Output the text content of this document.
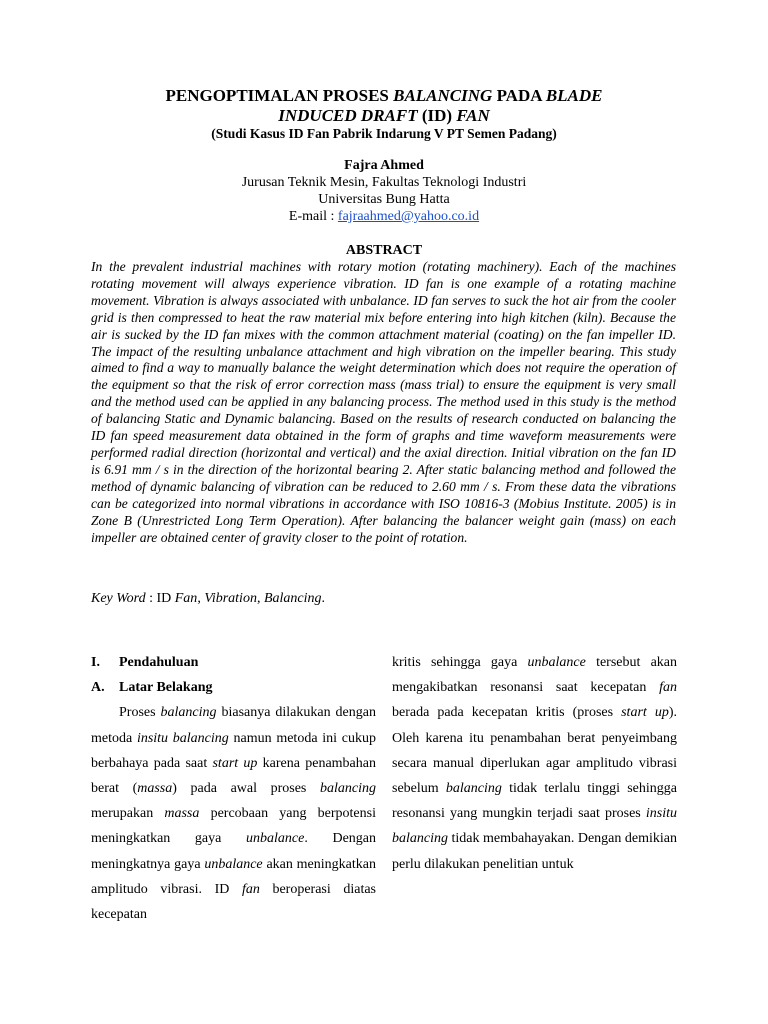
PENGOPTIMALAN PROSES BALANCING PADA BLADE
INDUCED DRAFT (ID) FAN
(Studi Kasus ID Fan Pabrik Indarung V PT Semen Padang)
Fajra Ahmed
Jurusan Teknik Mesin, Fakultas Teknologi Industri
Universitas Bung Hatta
E-mail : fajraahmed@yahoo.co.id
ABSTRACT

In the prevalent industrial machines with rotary motion (rotating machinery). Each of the machines rotating movement will always experience vibration. ID fan is one example of a rotating machine movement. Vibration is always associated with unbalance. ID fan serves to suck the hot air from the cooler grid is then compressed to heat the raw material mix before entering into high kitchen (kiln). Because the air is sucked by the ID fan mixes with the common attachment material (coating) on the fan impeller ID. The impact of the resulting unbalance attachment and high vibration on the impeller bearing. This study aimed to find a way to manually balance the weight determination which does not require the operation of the equipment so that the risk of error correction mass (mass trial) to ensure the equipment is very small and the method used can be applied in any balancing process. The method used in this study is the method of balancing Static and Dynamic balancing. Based on the results of research conducted on balancing the ID fan speed measurement data obtained in the form of graphs and time waveform measurements were performed radial direction (horizontal and vertical) and the axial direction. Initial vibration on the fan ID is 6.91 mm / s in the direction of the horizontal bearing 2. After static balancing method and followed the method of dynamic balancing of vibration can be reduced to 2.60 mm / s. From these data the vibrations can be categorized into normal vibrations in accordance with ISO 10816-3 (Mobius Institute. 2005) is in Zone B (Unrestricted Long Term Operation). After balancing the balancer weight gain (mass) on each impeller are obtained center of gravity closer to the point of rotation.

Key Word : ID Fan, Vibration, Balancing.
I. Pendahuluan
A. Latar Belakang

Proses balancing biasanya dilakukan dengan metoda insitu balancing namun metoda ini cukup berbahaya pada saat start up karena penambahan berat (massa) pada awal proses balancing merupakan massa percobaan yang berpotensi meningkatkan gaya unbalance. Dengan meningkatnya gaya unbalance akan meningkatkan amplitudo vibrasi. ID fan beroperasi diatas kecepatan

kritis sehingga gaya unbalance tersebut akan mengakibatkan resonansi saat kecepatan fan berada pada kecepatan kritis (proses start up). Oleh karena itu penambahan berat penyeimbang secara manual diperlukan agar amplitudo vibrasi sebelum balancing tidak terlalu tinggi sehingga resonansi yang mungkin terjadi saat proses insitu balancing tidak membahayakan. Dengan demikian perlu dilakukan penelitian untuk
